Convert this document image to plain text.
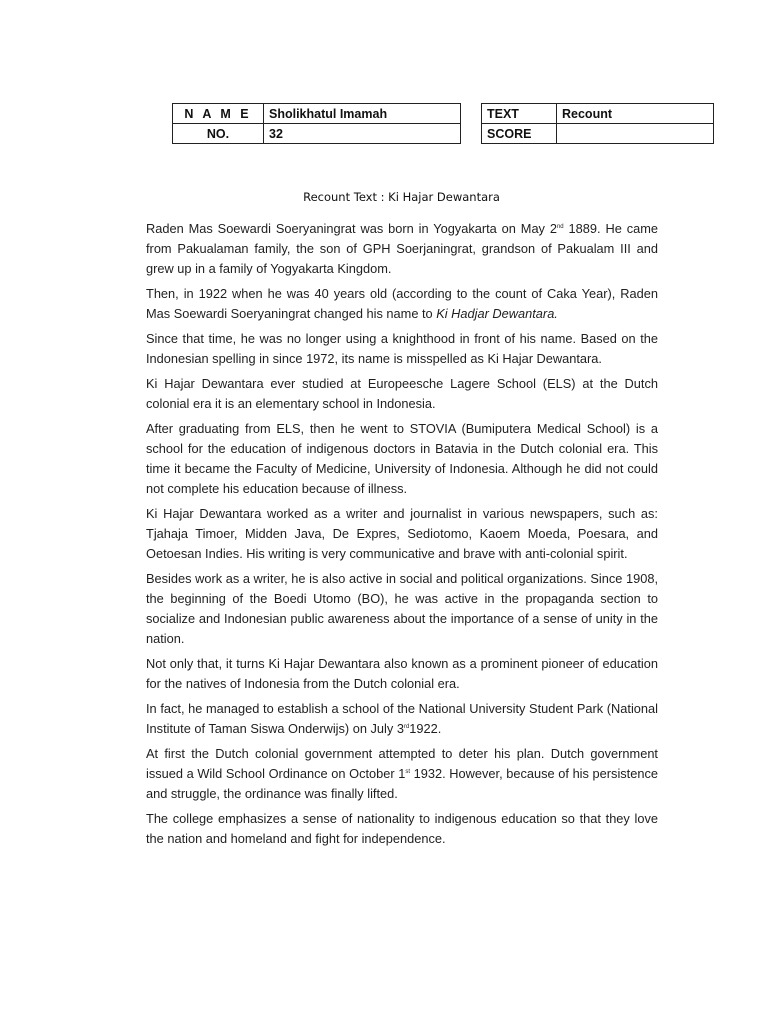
N A M E	Sholikhatul Imamah
NO.	32
TEXT	Recount
SCORE	
Recount Text : Ki Hajar Dewantara

Raden Mas Soewardi Soeryaningrat was born in Yogyakarta on May 2nd 1889. He came from Pakualaman family, the son of GPH Soerjaningrat, grandson of Pakualam III and grew up in a family of Yogyakarta Kingdom.

Then, in 1922 when he was 40 years old (according to the count of Caka Year), Raden Mas Soewardi Soeryaningrat changed his name to Ki Hadjar Dewantara.

Since that time, he was no longer using a knighthood in front of his name. Based on the Indonesian spelling in since 1972, its name is misspelled as Ki Hajar Dewantara.

Ki Hajar Dewantara ever studied at Europeesche Lagere School (ELS) at the Dutch colonial era it is an elementary school in Indonesia.

After graduating from ELS, then he went to STOVIA (Bumiputera Medical School) is a school for the education of indigenous doctors in Batavia in the Dutch colonial era. This time it became the Faculty of Medicine, University of Indonesia. Although he did not could not complete his education because of illness.

Ki Hajar Dewantara worked as a writer and journalist in various newspapers, such as: Tjahaja Timoer, Midden Java, De Expres, Sediotomo, Kaoem Moeda, Poesara, and Oetoesan Indies. His writing is very communicative and brave with anti-colonial spirit.

Besides work as a writer, he is also active in social and political organizations. Since 1908, the beginning of the Boedi Utomo (BO), he was active in the propaganda section to socialize and Indonesian public awareness about the importance of a sense of unity in the nation.

Not only that, it turns Ki Hajar Dewantara also known as a prominent pioneer of education for the natives of Indonesia from the Dutch colonial era.

In fact, he managed to establish a school of the National University Student Park (National Institute of Taman Siswa Onderwijs) on July 3rd1922.

At first the Dutch colonial government attempted to deter his plan. Dutch government issued a Wild School Ordinance on October 1st 1932. However, because of his persistence and struggle, the ordinance was finally lifted.

The college emphasizes a sense of nationality to indigenous education so that they love the nation and homeland and fight for independence.
